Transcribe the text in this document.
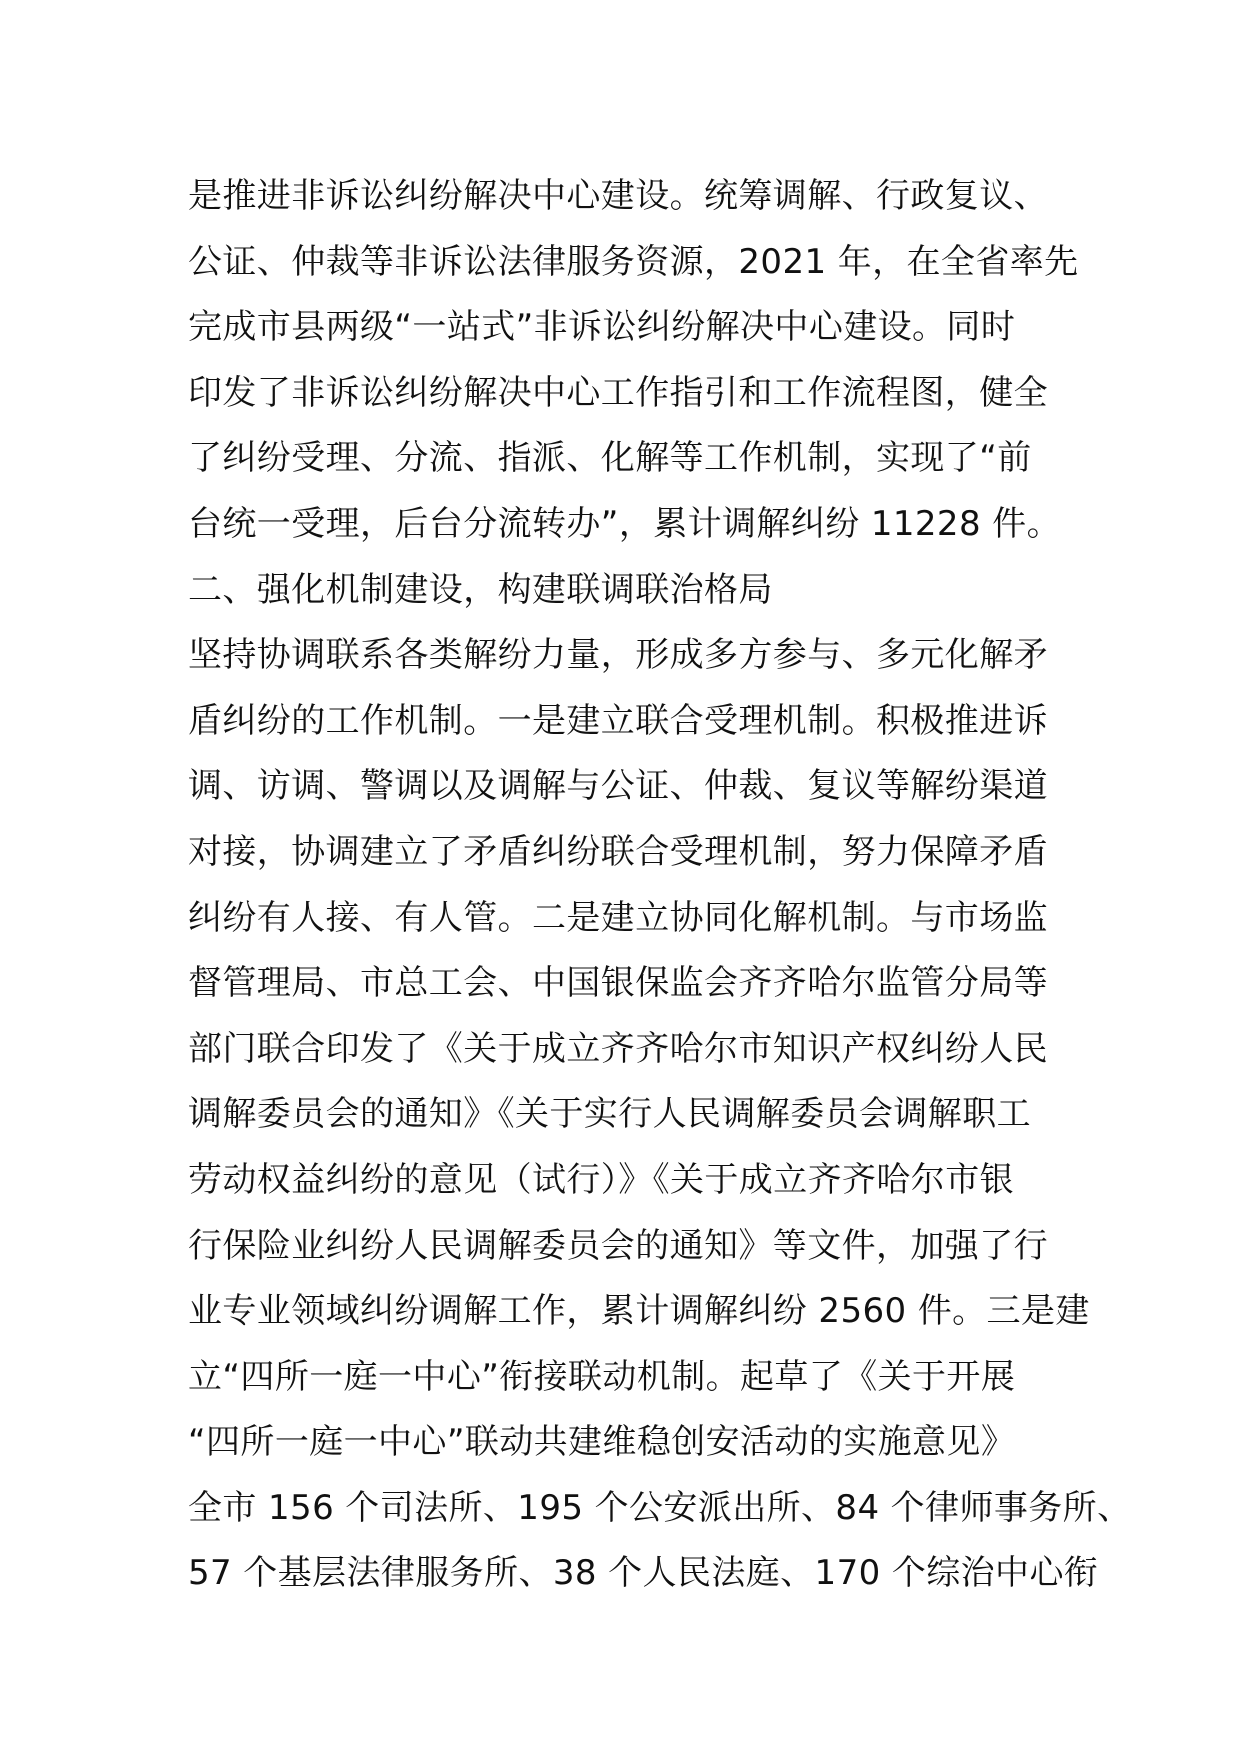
是推进非诉讼纠纷解决中心建设。统筹调解、行政复议、
公证、仲裁等非诉讼法律服务资源，2021 年，在全省率先
完成市县两级“一站式”非诉讼纠纷解决中心建设。同时
印发了非诉讼纠纷解决中心工作指引和工作流程图，健全
了纠纷受理、分流、指派、化解等工作机制，实现了“前
台统一受理，后台分流转办”，累计调解纠纷 11228 件。
二、强化机制建设，构建联调联治格局
坚持协调联系各类解纷力量，形成多方参与、多元化解矛
盾纠纷的工作机制。一是建立联合受理机制。积极推进诉
调、访调、警调以及调解与公证、仲裁、复议等解纷渠道
对接，协调建立了矛盾纠纷联合受理机制，努力保障矛盾
纠纷有人接、有人管。二是建立协同化解机制。与市场监
督管理局、市总工会、中国银保监会齐齐哈尔监管分局等
部门联合印发了《关于成立齐齐哈尔市知识产权纠纷人民
调解委员会的通知》《关于实行人民调解委员会调解职工
劳动权益纠纷的意见（试行）》《关于成立齐齐哈尔市银
行保险业纠纷人民调解委员会的通知》等文件，加强了行
业专业领域纠纷调解工作，累计调解纠纷 2560 件。三是建
立“四所一庭一中心”衔接联动机制。起草了《关于开展
“四所一庭一中心”联动共建维稳创安活动的实施意见》
全市 156 个司法所、195 个公安派出所、84 个律师事务所、
57 个基层法律服务所、38 个人民法庭、170 个综治中心衔
